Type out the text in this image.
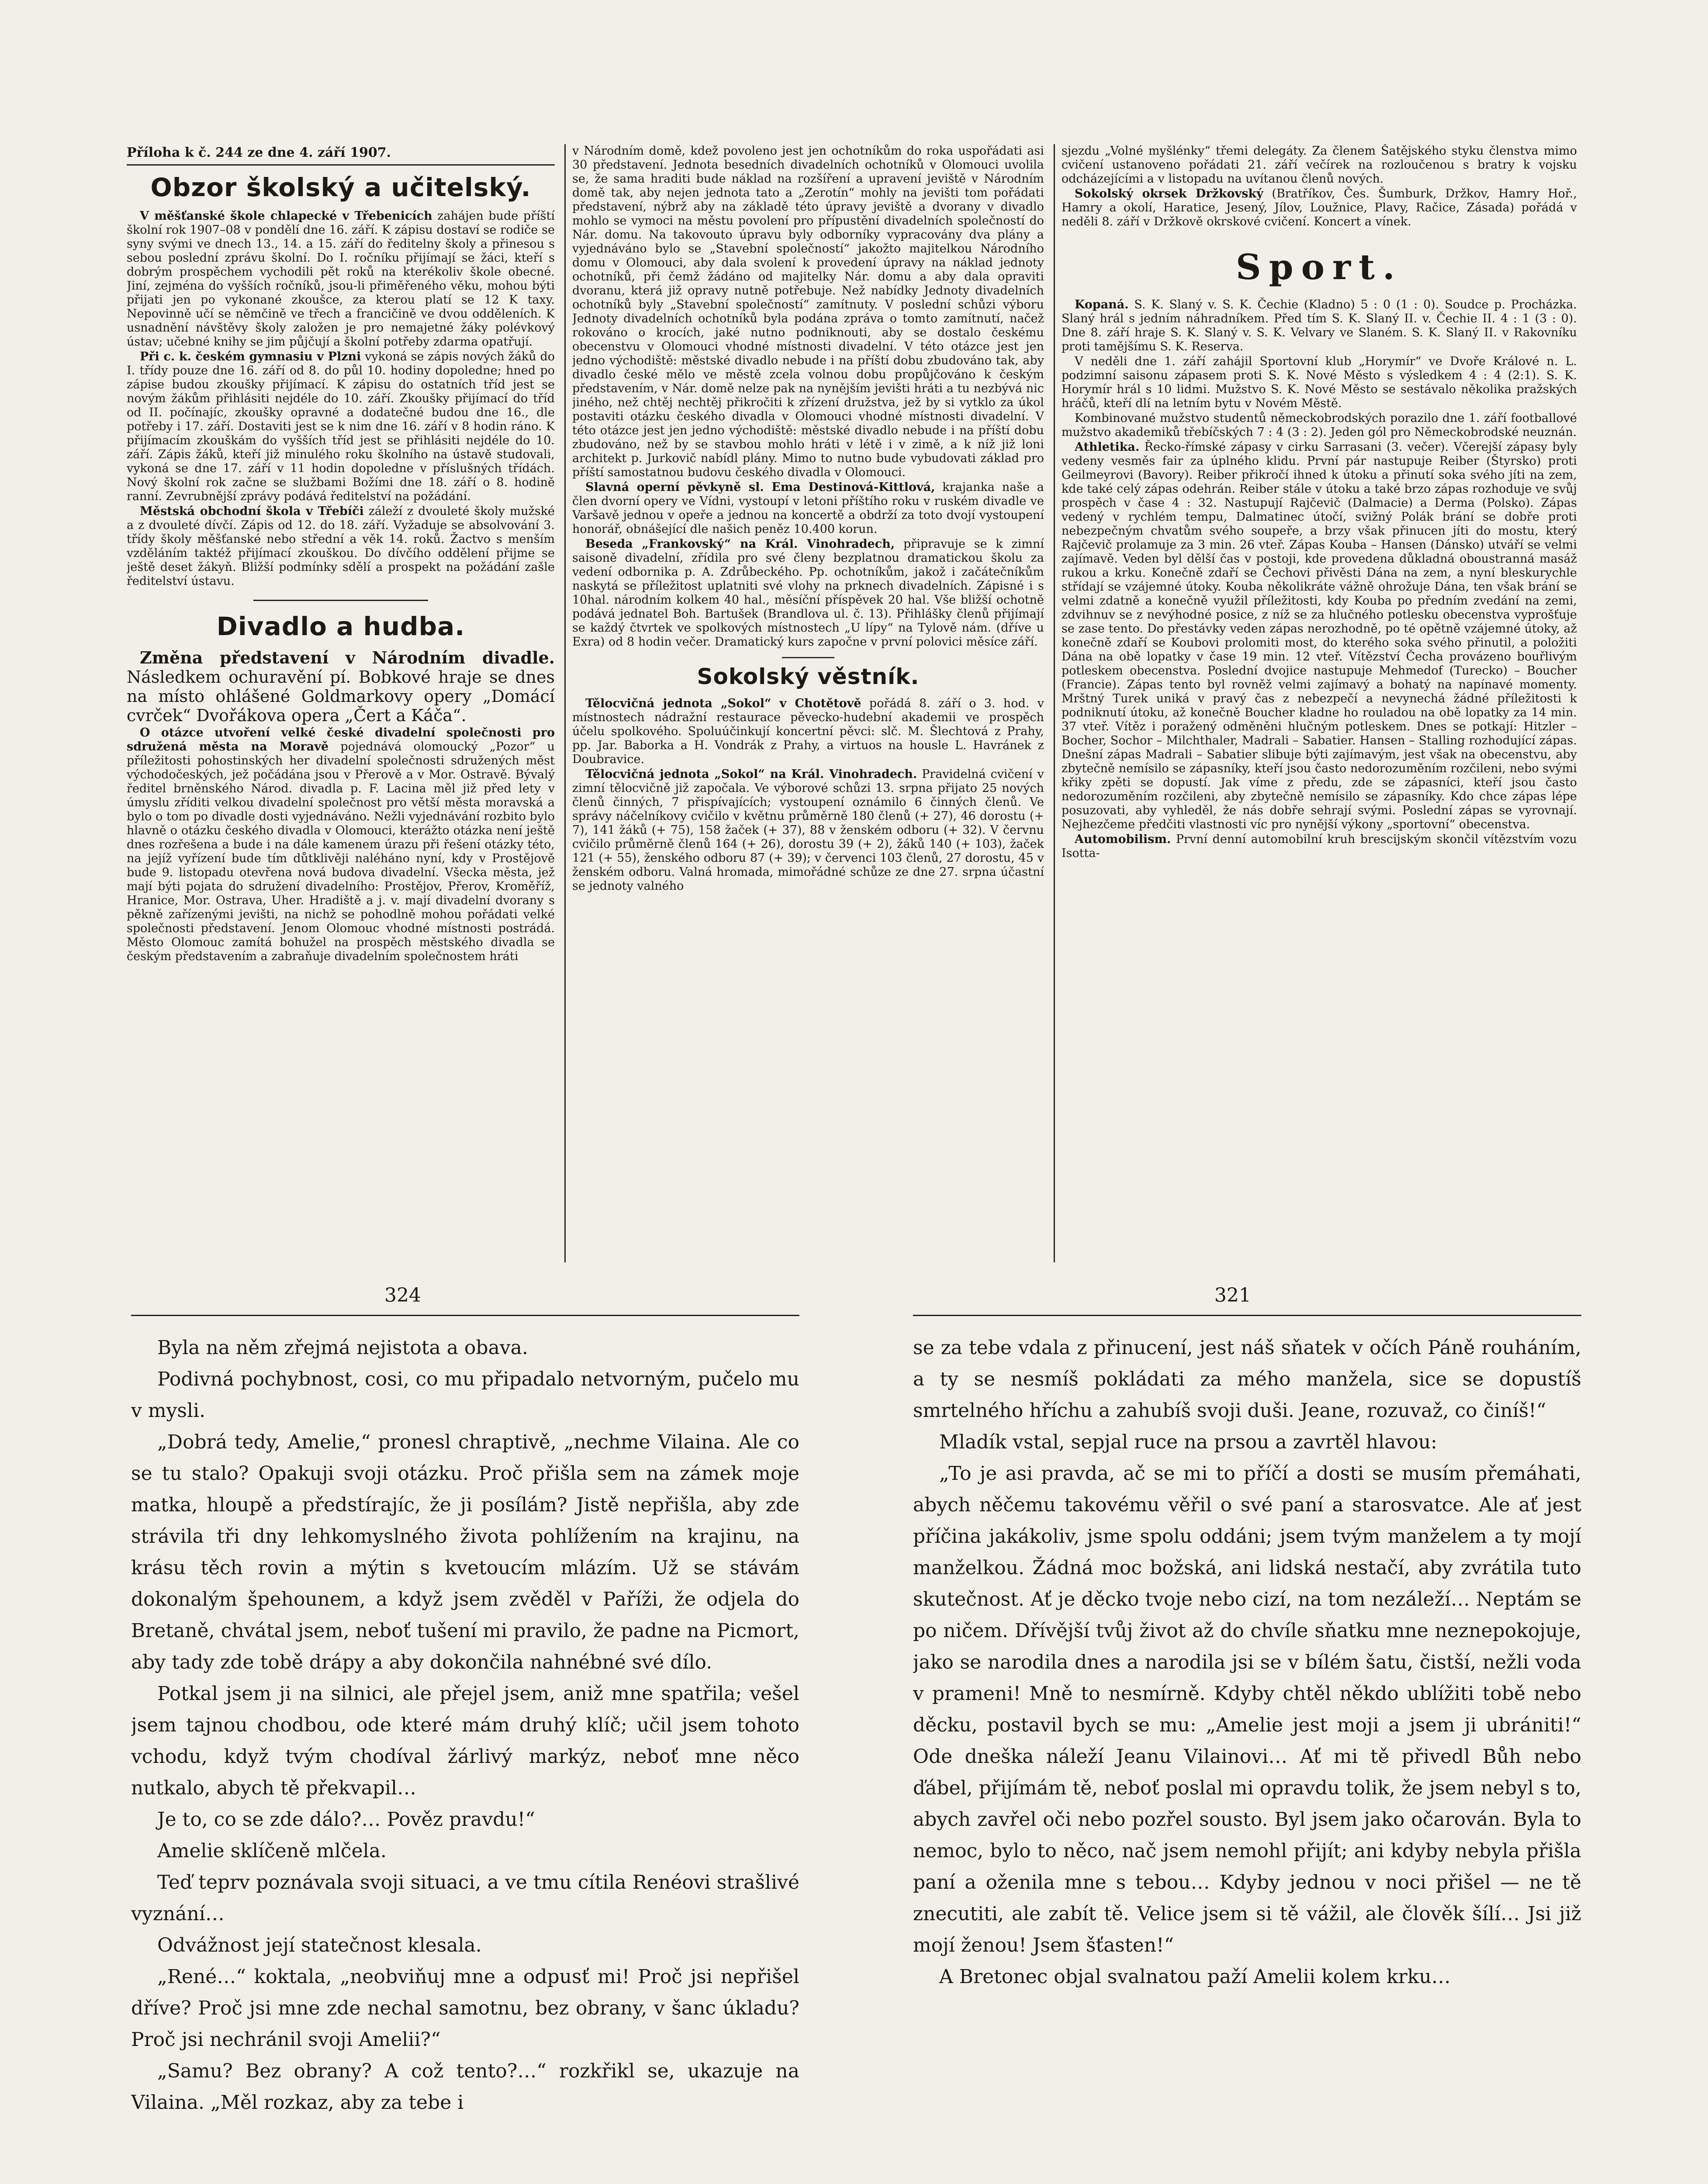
Příloha k č. 244 ze dne 4. září 1907.
Obzor školský a učitelský.

V měšťanské škole chlapecké v Třebenicích zahájen bude příští školní rok 1907–08 v pondělí dne 16. září. K zápisu dostaví se rodiče se syny svými ve dnech 13., 14. a 15. září do ředitelny školy a přinesou s sebou poslední zprávu školní. Do I. ročníku přijímají se žáci, kteří s dobrým prospěchem vychodili pět roků na kterékoliv škole obecné. Jiní, zejména do vyšších ročníků, jsou-li přiměřeného věku, mohou býti přijati jen po vykonané zkoušce, za kterou platí se 12 K taxy. Nepovinně učí se němčině ve třech a francičině ve dvou odděleních. K usnadnění návštěvy školy založen je pro nemajetné žáky polévkový ústav; učebné knihy se jim půjčují a školní potřeby zdarma opatřují.

Při c. k. českém gymnasiu v Plzni vykoná se zápis nových žáků do I. třídy pouze dne 16. září od 8. do půl 10. hodiny dopoledne; hned po zápise budou zkoušky přijímací. K zápisu do ostatních tříd jest se novým žákům přihlásiti nejdéle do 10. září. Zkoušky přijímací do tříd od II. počínajíc, zkoušky opravné a dodatečné budou dne 16., dle potřeby i 17. září. Dostaviti jest se k nim dne 16. září v 8 hodin ráno. K přijímacím zkouškám do vyšších tříd jest se přihlásiti nejdéle do 10. září. Zápis žáků, kteří již minulého roku školního na ústavě studovali, vykoná se dne 17. září v 11 hodin dopoledne v příslušných třídách. Nový školní rok začne se službami Božími dne 18. září o 8. hodině ranní. Zevrubnější zprávy podává ředitelství na požádání.

Městská obchodní škola v Třebíči záleží z dvouleté školy mužské a z dvouleté dívčí. Zápis od 12. do 18. září. Vyžaduje se absolvování 3. třídy školy měšťanské nebo střední a věk 14. roků. Žactvo s menším vzděláním taktéž přijímací zkouškou. Do dívčího oddělení přijme se ještě deset žákyň. Bližší podmínky sdělí a prospekt na požádání zašle ředitelství ústavu.

Divadlo a hudba.

Změna představení v Národním divadle. Následkem ochuravění pí. Bobkové hraje se dnes na místo ohlášené Goldmarkovy opery „Domácí cvrček“ Dvořákova opera „Čert a Káča“.

O otázce utvoření velké české divadelní společnosti pro sdružená města na Moravě pojednává olomoucký „Pozor“ u příležitosti pohostinských her divadelní společnosti sdružených měst východočeských, jež počádána jsou v Přerově a v Mor. Ostravě. Bývalý ředitel brněnského Národ. divadla p. F. Lacina měl již před lety v úmyslu zříditi velkou divadelní společnost pro větší města moravská a bylo o tom po divadle dosti vyjednáváno. Nežli vyjednávání rozbito bylo hlavně o otázku českého divadla v Olomouci, kterážto otázka není ještě dnes rozřešena a bude i na dále kamenem úrazu při řešení otázky této, na jejíž vyřízení bude tím důtklivěji naléháno nyní, kdy v Prostějově bude 9. listopadu otevřena nová budova divadelní. Všecka města, jež mají býti pojata do sdružení divadelního: Prostějov, Přerov, Kroměříž, Hranice, Mor. Ostrava, Uher. Hradiště a j. v. mají divadelní dvorany s pěkně zařízenými jevišti, na nichž se pohodlně mohou pořádati velké společnosti představení. Jenom Olomouc vhodné místnosti postrádá. Město Olomouc zamítá bohužel na prospěch městského divadla se českým představením a zabraňuje divadelním společnostem hráti

v Národním domě, kdež povoleno jest jen ochotníkům do roka uspořádati asi 30 představení. Jednota besedních divadelních ochotníků v Olomouci uvolila se, že sama hraditi bude náklad na rozšíření a upravení jeviště v Národním domě tak, aby nejen jednota tato a „Zerotín“ mohly na jevišti tom pořádati představení, nýbrž aby na základě této úpravy jeviště a dvorany v divadlo mohlo se vymoci na městu povolení pro přípustění divadelních společností do Nár. domu. Na takovouto úpravu byly odborníky vypracovány dva plány a vyjednáváno bylo se „Stavební společností“ jakožto majitelkou Národního domu v Olomouci, aby dala svolení k provedení úpravy na náklad jednoty ochotníků, při čemž žádáno od majitelky Nár. domu a aby dala opraviti dvoranu, která již opravy nutně potřebuje. Než nabídky Jednoty divadelních ochotníků byly „Stavební společností“ zamítnuty. V poslední schůzi výboru Jednoty divadelních ochotníků byla podána zpráva o tomto zamítnutí, načež rokováno o krocích, jaké nutno podniknouti, aby se dostalo českému obecenstvu v Olomouci vhodné místnosti divadelní. V této otázce jest jen jedno východiště: městské divadlo nebude i na příští dobu zbudováno tak, aby divadlo české mělo ve městě zcela volnou dobu propůjčováno k českým představením, v Nár. domě nelze pak na nynějším jevišti hráti a tu nezbývá nic jiného, než chtěj nechtěj přikročiti k zřízení družstva, jež by si vytklo za úkol postaviti otázku českého divadla v Olomouci vhodné místnosti divadelní. V této otázce jest jen jedno východiště: městské divadlo nebude i na příští dobu zbudováno, než by se stavbou mohlo hráti v létě i v zimě, a k níž již loni architekt p. Jurkovič nabídl plány. Mimo to nutno bude vybudovati základ pro příští samostatnou budovu českého divadla v Olomouci.

Slavná operní pěvkyně sl. Ema Destinová-Kittlová, krajanka naše a člen dvorní opery ve Vídni, vystoupí v letoni příštího roku v ruském divadle ve Varšavě jednou v opeře a jednou na koncertě a obdrží za toto dvojí vystoupení honorář, obnášející dle našich peněz 10.400 korun.

Beseda „Frankovský“ na Král. Vinohradech, připravuje se k zimní saisoně divadelní, zřídila pro své členy bezplatnou dramatickou školu za vedení odbornika p. A. Zdrůbeckého. Pp. ochotníkům, jakož i začátečníkům naskytá se příležitost uplatniti své vlohy na prknech divadelních. Zápisné i s 10hal. národním kolkem 40 hal., měsíční příspěvek 20 hal. Vše bližší ochotně podává jednatel Boh. Bartušek (Brandlova ul. č. 13). Přihlášky členů přijímají se každý čtvrtek ve spolkových místnostech „U lípy“ na Tylově nám. (dříve u Exra) od 8 hodin večer. Dramatický kurs započne v první polovici měsíce září.

Sokolský věstník.

Tělocvičná jednota „Sokol“ v Chotětově pořádá 8. září o 3. hod. v místnostech nádražní restaurace pěvecko-hudební akademii ve prospěch účelu spolkového. Spoluúčinkují koncertní pěvci: slč. M. Šlechtová z Prahy, pp. Jar. Baborka a H. Vondrák z Prahy, a virtuos na housle L. Havránek z Doubravice.

Tělocvičná jednota „Sokol“ na Král. Vinohradech. Pravidelná cvičení v zimní tělocvičně již započala. Ve výborové schůzi 13. srpna přijato 25 nových členů činných, 7 přispívajících; vystoupení oznámilo 6 činných členů. Ve správy náčelníkovy cvičilo v květnu průměrně 180 členů (+ 27), 46 dorostu (+ 7), 141 žáků (+ 75), 158 žaček (+ 37), 88 v ženském odboru (+ 32). V červnu cvičilo průměrně členů 164 (+ 26), dorostu 39 (+ 2), žáků 140 (+ 103), žaček 121 (+ 55), ženského odboru 87 (+ 39); v červenci 103 členů, 27 dorostu, 45 v ženském odboru. Valná hromada, mimořádné schůze ze dne 27. srpna účastní se jednoty valného

sjezdu „Volné myšlénky“ třemi delegáty. Za členem Šatějského styku členstva mimo cvičení ustanoveno pořádati 21. září večírek na rozloučenou s bratry k vojsku odcházejícími a v listopadu na uvítanou členů nových.

Sokolský okrsek Držkovský (Bratříkov, Čes. Šumburk, Držkov, Hamry Hoř., Hamry a okolí, Haratice, Jesený, Jílov, Loužnice, Plavy, Račice, Zásada) pořádá v neděli 8. září v Držkově okrskové cvičení. Koncert a vínek.

Sport.

Kopaná. S. K. Slaný v. S. K. Čechie (Kladno) 5 : 0 (1 : 0). Soudce p. Procházka. Slaný hrál s jedním náhradníkem. Před tím S. K. Slaný II. v. Čechie II. 4 : 1 (3 : 0). Dne 8. září hraje S. K. Slaný v. S. K. Velvary ve Slaném. S. K. Slaný II. v Rakovníku proti tamějšímu S. K. Reserva.

V neděli dne 1. září zahájil Sportovní klub „Horymír“ ve Dvoře Králové n. L. podzimní saisonu zápasem proti S. K. Nové Město s výsledkem 4 : 4 (2:1). S. K. Horymír hrál s 10 lidmi. Mužstvo S. K. Nové Město se sestávalo několika pražských hráčů, kteří dlí na letním bytu v Novém Městě.

Kombinované mužstvo studentů německobrodských porazilo dne 1. září footballové mužstvo akademiků třebíčských 7 : 4 (3 : 2). Jeden gól pro Německobrodské neuznán.

Athletika. Řecko-římské zápasy v cirku Sarrasani (3. večer). Včerejší zápasy byly vedeny vesměs fair za úplného klidu. První pár nastupuje Reiber (Štyrsko) proti Geilmeyrovi (Bavory). Reiber přikročí ihned k útoku a přinutí soka svého jíti na zem, kde také celý zápas odehrán. Reiber stále v útoku a také brzo zápas rozhoduje ve svůj prospěch v čase 4 : 32. Nastupují Rajčevič (Dalmacie) a Derma (Polsko). Zápas vedený v rychlém tempu, Dalmatinec útočí, svižný Polák brání se dobře proti nebezpečným chvatům svého soupeře, a brzy však přinucen jíti do mostu, který Rajčevič prolamuje za 3 min. 26 vteř. Zápas Kouba – Hansen (Dánsko) utváří se velmi zajímavě. Veden byl dělší čas v postoji, kde provedena důkladná oboustranná masáž rukou a krku. Konečně zdaří se Čechovi přivěsti Dána na zem, a nyní bleskurychle střídají se vzájemné útoky. Kouba několikráte vážně ohrožuje Dána, ten však brání se velmi zdatně a konečně využil příležitosti, kdy Kouba po předním zvedání na zemi, zdvihnuv se z nevýhodné posice, z níž se za hlučného potlesku obecenstva vyprošťuje se zase tento. Do přestávky veden zápas nerozhodně, po té opětně vzájemné útoky, až konečně zdaří se Koubovi prolomiti most, do kterého soka svého přinutil, a položiti Dána na obě lopatky v čase 19 min. 12 vteř. Vítězství Čecha provázeno bouřlivým potleskem obecenstva. Poslední dvojice nastupuje Mehmedof (Turecko) – Boucher (Francie). Zápas tento byl rovněž velmi zajímavý a bohatý na napínavé momenty. Mrštný Turek uniká v pravý čas z nebezpečí a nevynechá žádné příležitosti k podniknutí útoku, až konečně Boucher kladne ho rouladou na obě lopatky za 14 min. 37 vteř. Vítěz i poražený odměněni hlučným potleskem. Dnes se potkají: Hitzler – Bocher, Sochor – Milchthaler, Madrali – Sabatier. Hansen – Stalling rozhodující zápas. Dnešní zápas Madrali – Sabatier slibuje býti zajímavým, jest však na obecenstvu, aby zbytečně nemísilo se zápasníky, kteří jsou často nedorozuměním rozčileni, nebo svými křiky zpěti se dopustí. Jak víme z předu, zde se zápasníci, kteří jsou často nedorozuměním rozčileni, aby zbytečně nemísilo se zápasníky. Kdo chce zápas lépe posuzovati, aby vyhleděl, že nás dobře sehrají svými. Poslední zápas se vyrovnají. Nejhezčeme předčiti vlastnosti víc pro nynější výkony „sportovní“ obecenstva.

Automobilism. První denní automobilní kruh brescijským skončil vítězstvím vozu Isotta-

324	321

Byla na něm zřejmá nejistota a obava.

Podivná pochybnost, cosi, co mu připadalo netvorným, pučelo mu v mysli.

„Dobrá tedy, Amelie,“ pronesl chraptivě, „nechme Vilaina. Ale co se tu stalo? Opakuji svoji otázku. Proč přišla sem na zámek moje matka, hloupě a předstírajíc, že ji posílám? Jistě nepřišla, aby zde strávila tři dny lehkomyslného života pohlížením na krajinu, na krásu těch rovin a mýtin s kvetoucím mlázím. Už se stávám dokonalým špehounem, a když jsem zvěděl v Paříži, že odjela do Bretaně, chvátal jsem, neboť tušení mi pravilo, že padne na Picmort, aby tady zde tobě drápy a aby dokončila nahnébné své dílo.

Potkal jsem ji na silnici, ale přejel jsem, aniž mne spatřila; vešel jsem tajnou chodbou, ode které mám druhý klíč; učil jsem tohoto vchodu, když tvým chodíval žárlivý markýz, neboť mne něco nutkalo, abych tě překvapil…

Je to, co se zde dálo?… Pověz pravdu!“

Amelie sklíčeně mlčela.

Teď teprv poznávala svoji situaci, a ve tmu cítila Renéovi strašlivé vyznání…

Odvážnost její statečnost klesala.

„René…“ koktala, „neobviňuj mne a odpusť mi! Proč jsi nepřišel dříve? Proč jsi mne zde nechal samotnu, bez obrany, v šanc úkladu? Proč jsi nechránil svoji Amelii?“

„Samu? Bez obrany? A což tento?…“ rozkřikl se, ukazuje na Vilaina. „Měl rozkaz, aby za tebe i

se za tebe vdala z přinucení, jest náš sňatek v očích Páně rouháním, a ty se nesmíš pokládati za mého manžela, sice se dopustíš smrtelného hříchu a zahubíš svoji duši. Jeane, rozuvaž, co činíš!“

Mladík vstal, sepjal ruce na prsou a zavrtěl hlavou:

„To je asi pravda, ač se mi to příčí a dosti se musím přemáhati, abych něčemu takovému věřil o své paní a starosvatce. Ale ať jest příčina jakákoliv, jsme spolu oddáni; jsem tvým manželem a ty mojí manželkou. Žádná moc božská, ani lidská nestačí, aby zvrátila tuto skutečnost. Ať je děcko tvoje nebo cizí, na tom nezáleží… Neptám se po ničem. Dřívější tvůj život až do chvíle sňatku mne neznepokojuje, jako se narodila dnes a narodila jsi se v bílém šatu, čistší, nežli voda v prameni! Mně to nesmírně. Kdyby chtěl někdo ublížiti tobě nebo děcku, postavil bych se mu: „Amelie jest moji a jsem ji ubrániti!“ Ode dneška náleží Jeanu Vilainovi… Ať mi tě přivedl Bůh nebo ďábel, přijímám tě, neboť poslal mi opravdu tolik, že jsem nebyl s to, abych zavřel oči nebo pozřel sousto. Byl jsem jako očarován. Byla to nemoc, bylo to něco, nač jsem nemohl přijít; ani kdyby nebyla přišla paní a oženila mne s tebou… Kdyby jednou v noci přišel — ne tě znecutiti, ale zabít tě. Velice jsem si tě vážil, ale člověk šílí… Jsi již mojí ženou! Jsem šťasten!“

A Bretonec objal svalnatou paží Amelii kolem krku…
